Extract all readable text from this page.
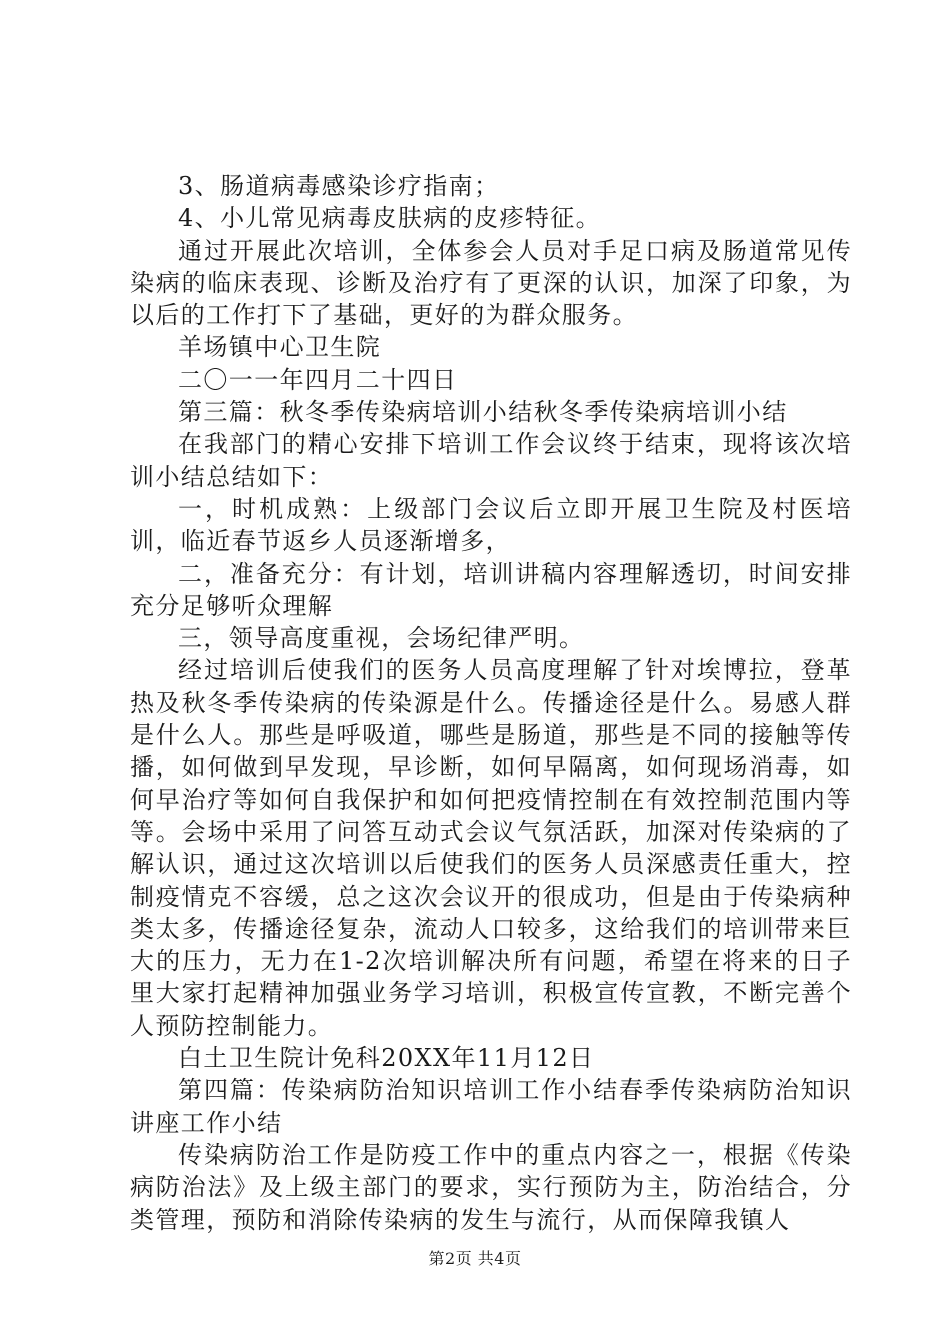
3、肠道病毒感染诊疗指南；

4、小儿常见病毒皮肤病的皮疹特征。

通过开展此次培训，全体参会人员对手足口病及肠道常见传染病的临床表现、诊断及治疗有了更深的认识，加深了印象，为以后的工作打下了基础，更好的为群众服务。

羊场镇中心卫生院

二〇一一年四月二十四日

第三篇：秋冬季传染病培训小结秋冬季传染病培训小结

在我部门的精心安排下培训工作会议终于结束，现将该次培训小结总结如下：

一，时机成熟：上级部门会议后立即开展卫生院及村医培训，临近春节返乡人员逐渐增多，

二，准备充分：有计划，培训讲稿内容理解透切，时间安排充分足够听众理解

三，领导高度重视，会场纪律严明。

经过培训后使我们的医务人员高度理解了针对埃博拉，登革热及秋冬季传染病的传染源是什么。传播途径是什么。易感人群是什么人。那些是呼吸道，哪些是肠道，那些是不同的接触等传播，如何做到早发现，早诊断，如何早隔离，如何现场消毒，如何早治疗等如何自我保护和如何把疫情控制在有效控制范围内等等。会场中采用了问答互动式会议气氛活跃，加深对传染病的了解认识，通过这次培训以后使我们的医务人员深感责任重大，控制疫情克不容缓，总之这次会议开的很成功，但是由于传染病种类太多，传播途径复杂，流动人口较多，这给我们的培训带来巨大的压力，无力在1-2次培训解决所有问题，希望在将来的日子里大家打起精神加强业务学习培训，积极宣传宣教，不断完善个人预防控制能力。

白土卫生院计免科20XX年11月12日

第四篇：传染病防治知识培训工作小结春季传染病防治知识讲座工作小结

传染病防治工作是防疫工作中的重点内容之一，根据《传染病防治法》及上级主部门的要求，实行预防为主，防治结合，分类管理，预防和消除传染病的发生与流行，从而保障我镇人

第2页 共4页
